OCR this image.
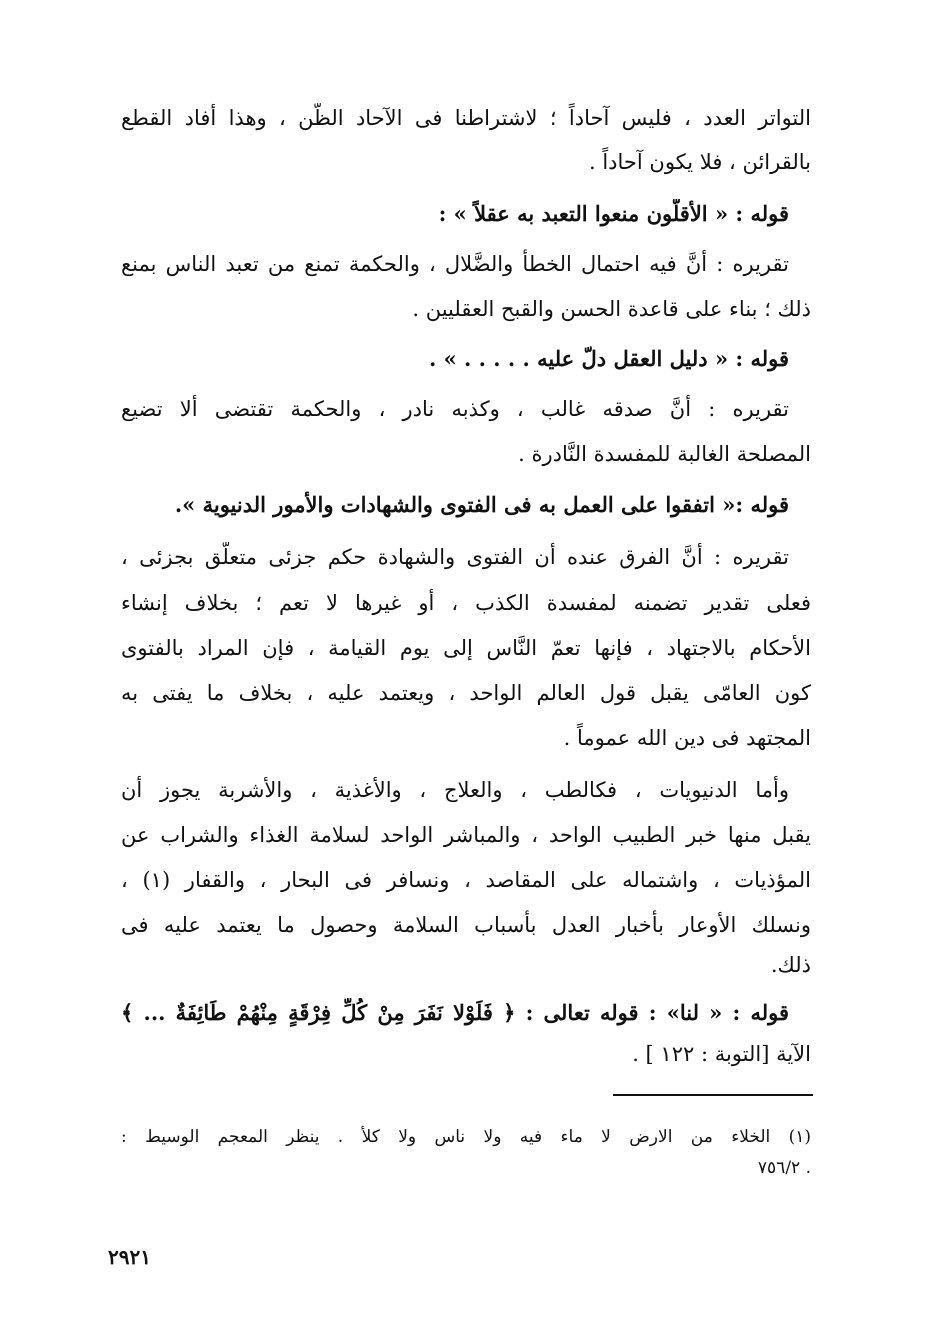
التواتر العدد ، فليس آحاداً ؛ لاشتراطنا فى الآحاد الظّن ، وهذا أفاد القطع
بالقرائن ، فلا يكون آحاداً .
قوله : « الأقلّون منعوا التعبد به عقلاً » :
تقريره : أنَّ فيه احتمال الخطأ والضَّلال ، والحكمة تمنع من تعبد الناس بمنع
ذلك ؛ بناء على قاعدة الحسن والقبح العقليين .
قوله : « دليل العقل دلّ عليه . . . . . » .
تقريره : أنَّ صدقه غالب ، وكذبه نادر ، والحكمة تقتضى ألا تضيع
المصلحة الغالبة للمفسدة النَّادرة .
قوله :« اتفقوا على العمل به فى الفتوى والشهادات والأمور الدنيوية ».
تقريره : أنَّ الفرق عنده أن الفتوى والشهادة حكم جزئى متعلّق بجزئى ،
فعلى تقدير تضمنه لمفسدة الكذب ، أو غيرها لا تعم ؛ بخلاف إنشاء
الأحكام بالاجتهاد ، فإنها تعمّ النَّاس إلى يوم القيامة ، فإن المراد بالفتوى
كون العامّى يقبل قول العالم الواحد ، ويعتمد عليه ، بخلاف ما يفتى به
المجتهد فى دين الله عموماً .
وأما الدنيويات ، فكالطب ، والعلاج ، والأغذية ، والأشربة يجوز أن
يقبل منها خبر الطبيب الواحد ، والمباشر الواحد لسلامة الغذاء والشراب عن
المؤذيات ، واشتماله على المقاصد ، ونسافر فى البحار ، والقفار (١) ،
ونسلك الأوعار بأخبار العدل بأسباب السلامة وحصول ما يعتمد عليه فى
ذلك.
قوله : « لنا» : قوله تعالى : ﴿ فَلَوْلا نَفَرَ مِنْ كُلِّ فِرْقَةٍ مِنْهُمْ طَائِفَةٌ ... ﴾
الآية [التوبة : ١٢٢ ] .
(١) الخلاء من الارض لا ماء فيه ولا ناس ولا كلأ . ينظر المعجم الوسيط :
. ٧٥٦/٢
٢٩٢١
